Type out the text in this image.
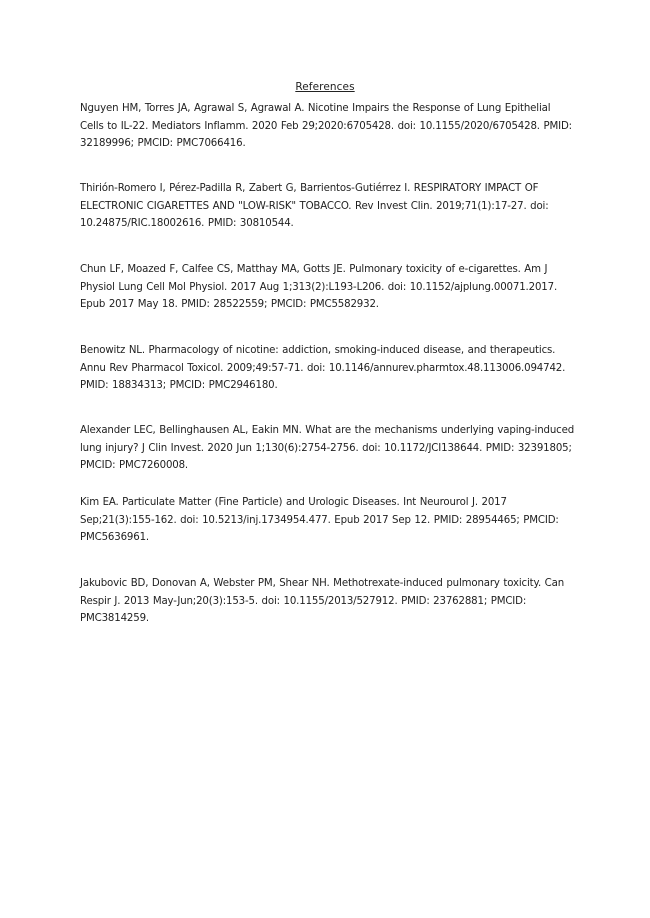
References
Nguyen HM, Torres JA, Agrawal S, Agrawal A. Nicotine Impairs the Response of Lung Epithelial Cells to IL-22. Mediators Inflamm. 2020 Feb 29;2020:6705428. doi: 10.1155/2020/6705428. PMID: 32189996; PMCID: PMC7066416.
Thirión-Romero I, Pérez-Padilla R, Zabert G, Barrientos-Gutiérrez I. RESPIRATORY IMPACT OF ELECTRONIC CIGARETTES AND "LOW-RISK" TOBACCO. Rev Invest Clin. 2019;71(1):17-27. doi: 10.24875/RIC.18002616. PMID: 30810544.
Chun LF, Moazed F, Calfee CS, Matthay MA, Gotts JE. Pulmonary toxicity of e-cigarettes. Am J Physiol Lung Cell Mol Physiol. 2017 Aug 1;313(2):L193-L206. doi: 10.1152/ajplung.00071.2017. Epub 2017 May 18. PMID: 28522559; PMCID: PMC5582932.
Benowitz NL. Pharmacology of nicotine: addiction, smoking-induced disease, and therapeutics. Annu Rev Pharmacol Toxicol. 2009;49:57-71. doi: 10.1146/annurev.pharmtox.48.113006.094742. PMID: 18834313; PMCID: PMC2946180.
Alexander LEC, Bellinghausen AL, Eakin MN. What are the mechanisms underlying vaping-induced lung injury? J Clin Invest. 2020 Jun 1;130(6):2754-2756. doi: 10.1172/JCI138644. PMID: 32391805; PMCID: PMC7260008.
Kim EA. Particulate Matter (Fine Particle) and Urologic Diseases. Int Neurourol J. 2017 Sep;21(3):155-162. doi: 10.5213/inj.1734954.477. Epub 2017 Sep 12. PMID: 28954465; PMCID: PMC5636961.
Jakubovic BD, Donovan A, Webster PM, Shear NH. Methotrexate-induced pulmonary toxicity. Can Respir J. 2013 May-Jun;20(3):153-5. doi: 10.1155/2013/527912. PMID: 23762881; PMCID: PMC3814259.
